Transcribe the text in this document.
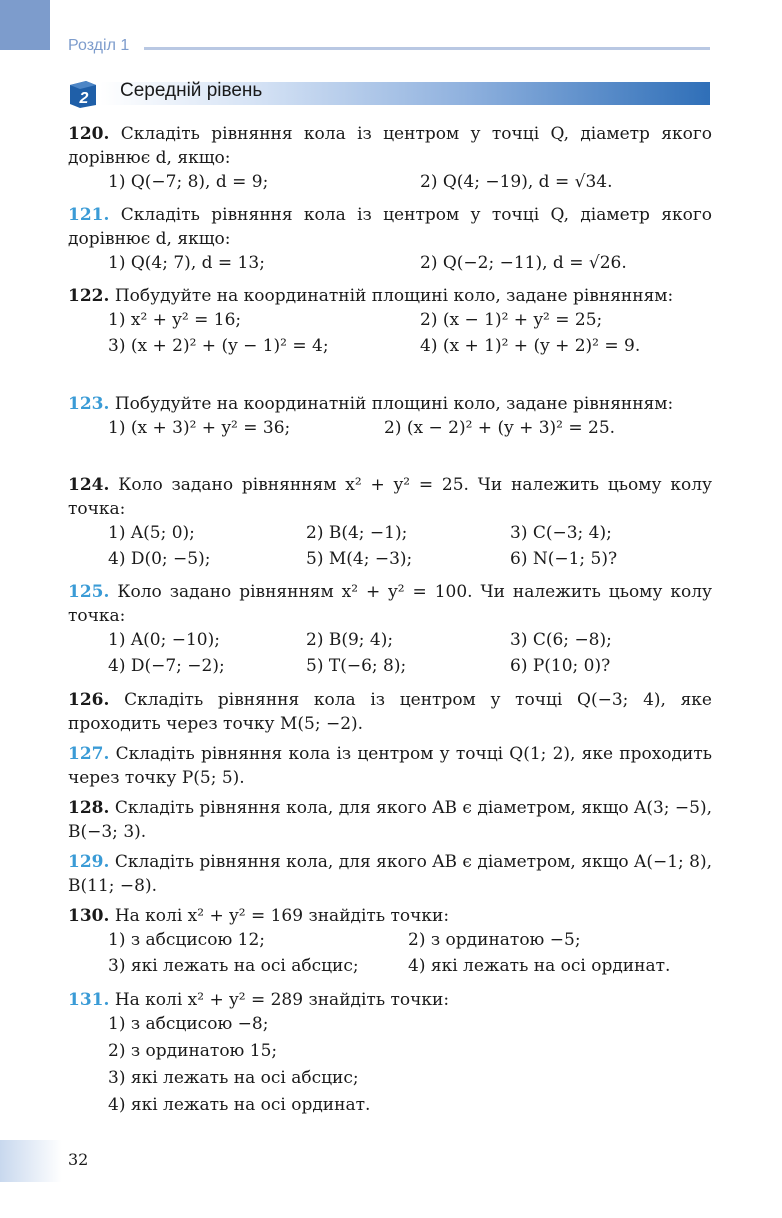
Розділ 1
2 Середній рівень

120. Складіть рівняння кола із центром у точці Q, діаметр якого дорівнює d, якщо:

1) Q(−7; 8), d = 9;	2) Q(4; −19), d = √34.

121. Складіть рівняння кола із центром у точці Q, діаметр якого дорівнює d, якщо:

1) Q(4; 7), d = 13;	2) Q(−2; −11), d = √26.

122. Побудуйте на координатній площині коло, задане рівнянням:

1) x² + y² = 16;	2) (x − 1)² + y² = 25;
3) (x + 2)² + (y − 1)² = 4;	4) (x + 1)² + (y + 2)² = 9.

123. Побудуйте на координатній площині коло, задане рівнянням:

1) (x + 3)² + y² = 36;	2) (x − 2)² + (y + 3)² = 25.

124. Коло задано рівнянням x² + y² = 25. Чи належить цьому колу точка:

1) A(5; 0);	2) B(4; −1);	3) C(−3; 4);
4) D(0; −5);	5) M(4; −3);	6) N(−1; 5)?

125. Коло задано рівнянням x² + y² = 100. Чи належить цьому колу точка:

1) A(0; −10);	2) B(9; 4);	3) C(6; −8);
4) D(−7; −2);	5) T(−6; 8);	6) P(10; 0)?

126. Складіть рівняння кола із центром у точці Q(−3; 4), яке проходить через точку M(5; −2).

127. Складіть рівняння кола із центром у точці Q(1; 2), яке проходить через точку P(5; 5).

128. Складіть рівняння кола, для якого AB є діаметром, якщо A(3; −5), B(−3; 3).

129. Складіть рівняння кола, для якого AB є діаметром, якщо A(−1; 8), B(11; −8).

130. На колі x² + y² = 169 знайдіть точки:

1) з абсцисою 12;	2) з ординатою −5;
3) які лежать на осі абсцис;	4) які лежать на осі ординат.

131. На колі x² + y² = 289 знайдіть точки:

1) з абсцисою −8;
2) з ординатою 15;
3) які лежать на осі абсцис;
4) які лежать на осі ординат.
32
